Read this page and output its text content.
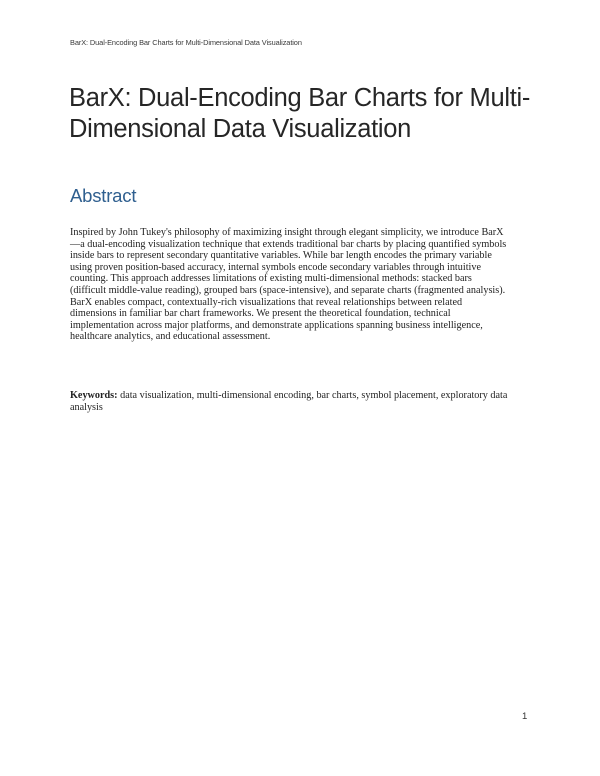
BarX: Dual-Encoding Bar Charts for Multi-Dimensional Data Visualization
BarX: Dual-Encoding Bar Charts for Multi-Dimensional Data Visualization
Abstract

Inspired by John Tukey's philosophy of maximizing insight through elegant simplicity, we introduce BarX—a dual-encoding visualization technique that extends traditional bar charts by placing quantified symbols inside bars to represent secondary quantitative variables. While bar length encodes the primary variable using proven position-based accuracy, internal symbols encode secondary variables through intuitive counting. This approach addresses limitations of existing multi-dimensional methods: stacked bars (difficult middle-value reading), grouped bars (space-intensive), and separate charts (fragmented analysis). BarX enables compact, contextually-rich visualizations that reveal relationships between related dimensions in familiar bar chart frameworks. We present the theoretical foundation, technical implementation across major platforms, and demonstrate applications spanning business intelligence, healthcare analytics, and educational assessment.

Keywords: data visualization, multi-dimensional encoding, bar charts, symbol placement, exploratory data analysis

1
